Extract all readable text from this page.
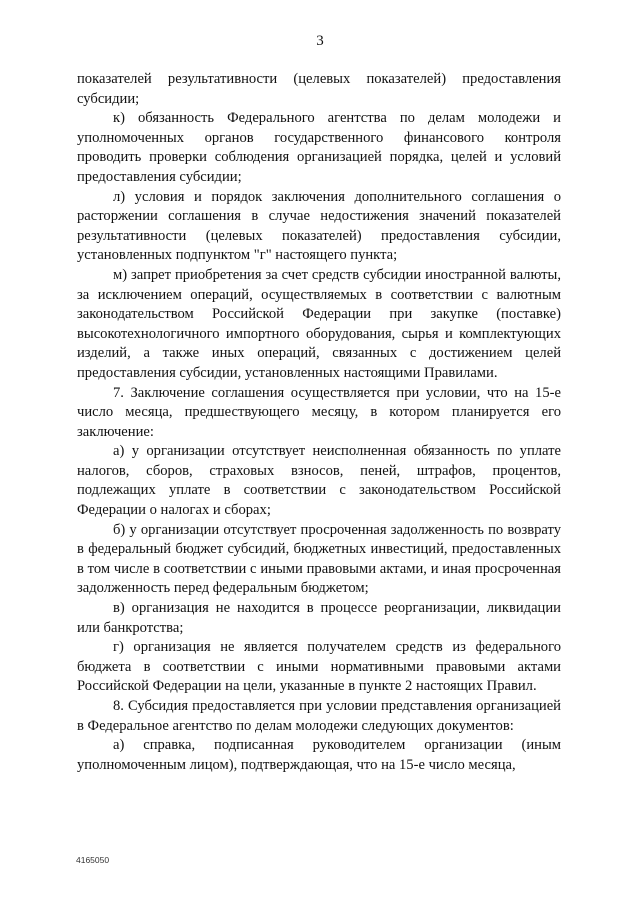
3

показателей результативности (целевых показателей) предоставления субсидии;

к) обязанность Федерального агентства по делам молодежи и уполномоченных органов государственного финансового контроля проводить проверки соблюдения организацией порядка, целей и условий предоставления субсидии;

л) условия и порядок заключения дополнительного соглашения о расторжении соглашения в случае недостижения значений показателей результативности (целевых показателей) предоставления субсидии, установленных подпунктом "г" настоящего пункта;

м) запрет приобретения за счет средств субсидии иностранной валюты, за исключением операций, осуществляемых в соответствии с валютным законодательством Российской Федерации при закупке (поставке) высокотехнологичного импортного оборудования, сырья и комплектующих изделий, а также иных операций, связанных с достижением целей предоставления субсидии, установленных настоящими Правилами.

7. Заключение соглашения осуществляется при условии, что на 15-е число месяца, предшествующего месяцу, в котором планируется его заключение:

а) у организации отсутствует неисполненная обязанность по уплате налогов, сборов, страховых взносов, пеней, штрафов, процентов, подлежащих уплате в соответствии с законодательством Российской Федерации о налогах и сборах;

б) у организации отсутствует просроченная задолженность по возврату в федеральный бюджет субсидий, бюджетных инвестиций, предоставленных в том числе в соответствии с иными правовыми актами, и иная просроченная задолженность перед федеральным бюджетом;

в) организация не находится в процессе реорганизации, ликвидации или банкротства;

г) организация не является получателем средств из федерального бюджета в соответствии с иными нормативными правовыми актами Российской Федерации на цели, указанные в пункте 2 настоящих Правил.

8. Субсидия предоставляется при условии представления организацией в Федеральное агентство по делам молодежи следующих документов:

а) справка, подписанная руководителем организации (иным уполномоченным лицом), подтверждающая, что на 15-е число месяца,

4165050
